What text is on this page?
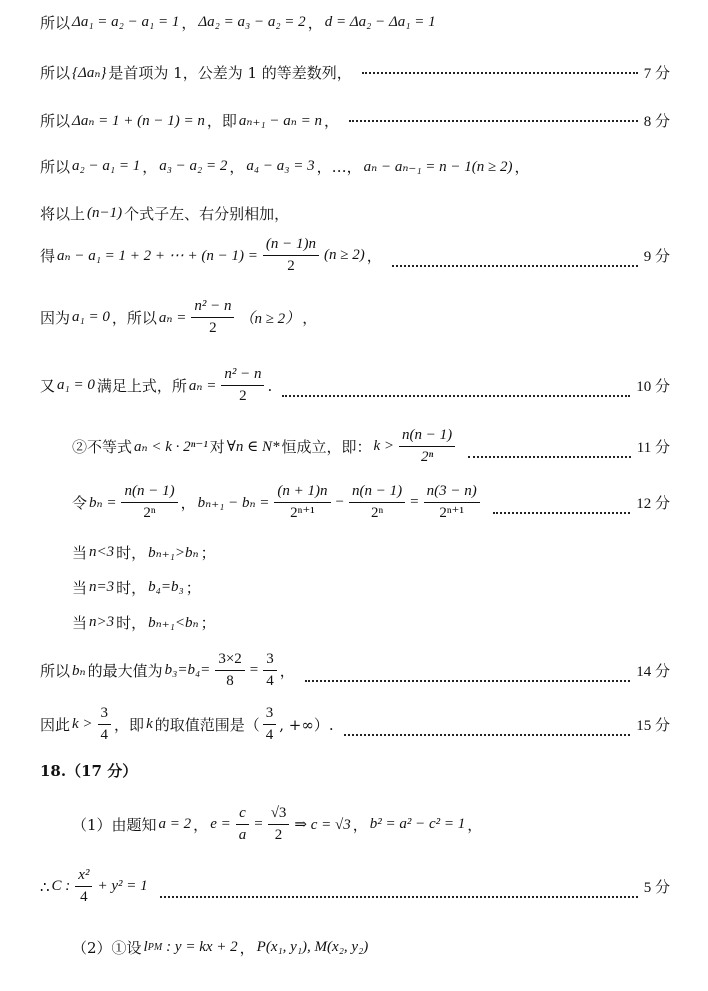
所以 Δa₁ = a₂ − a₁ = 1 ， Δa₂ = a₃ − a₂ = 2 ， d = Δa₂ − Δa₁ = 1
所以 {Δaₙ} 是首项为 1，公差为 1 的等差数列，	7 分
所以 Δaₙ = 1 + (n − 1) = n ，即 aₙ₊₁ − aₙ = n ，	8 分
所以 a₂ − a₁ = 1 ， a₃ − a₂ = 2 ， a₄ − a₃ = 3 ，…， aₙ − aₙ₋₁ = n − 1(n ≥ 2) ，
将以上 (n−1) 个式子左、右分别相加，
得 aₙ − a₁ = 1 + 2 + ⋯ + $(n - 1) = \frac{(n - 1)n}{2} (n \ge 2)$ ，	9 分
因为 a₁ = 0 ，所以 $a_n = \frac{\text{n² − n}}{2} (n \ge 2)$ ，
又 a₁ = 0 满足上式，所 $a_n = \frac{\text{n² − n}}{2}$ .	10 分
②不等式 aₙ < k · 2ⁿ⁻¹ 对 ∀n ∈ N* 恒成立，即： $k > \frac{n(n - 1)}{\text{2ⁿ}}$	11 分
令 $b_n = \frac{n(n - 1)}{\text{2ⁿ}}$ ， $b_{n+1} - b_n = \frac{(n + 1)n}{\text{2ⁿ⁺¹}} - \frac{n(n - 1)}{\text{2ⁿ}} = \frac{n(3 - n)}{\text{2ⁿ⁺¹}}$	12 分
当 n<3 时， bₙ₊₁>bₙ ；
当 n=3 时， b₄=b₃ ；
当 n>3 时， bₙ₊₁<bₙ ；
所以 bₙ 的最大值为 $b_3=b_4= \frac{3\times 2}{8} = \frac{3}{4}$ ，	14 分
因此 $k > \frac{3}{4}$ ，即 k 的取值范围是（ $\frac{3}{4}$ , +∞）.	15 分
18.（17 分）
（1）由题知 a = 2 ， $e = \frac{c}{a} = \frac{√3}{2}$ ⇒ c = √3 ， b² = a² − c² = 1 ，
∴ C : $\frac{\text{x²}}{4} + y^2 = 1$	5 分
（2）①设 l PM : y = kx + 2 ， P(x₁, y₁), M(x₂, y₂)
